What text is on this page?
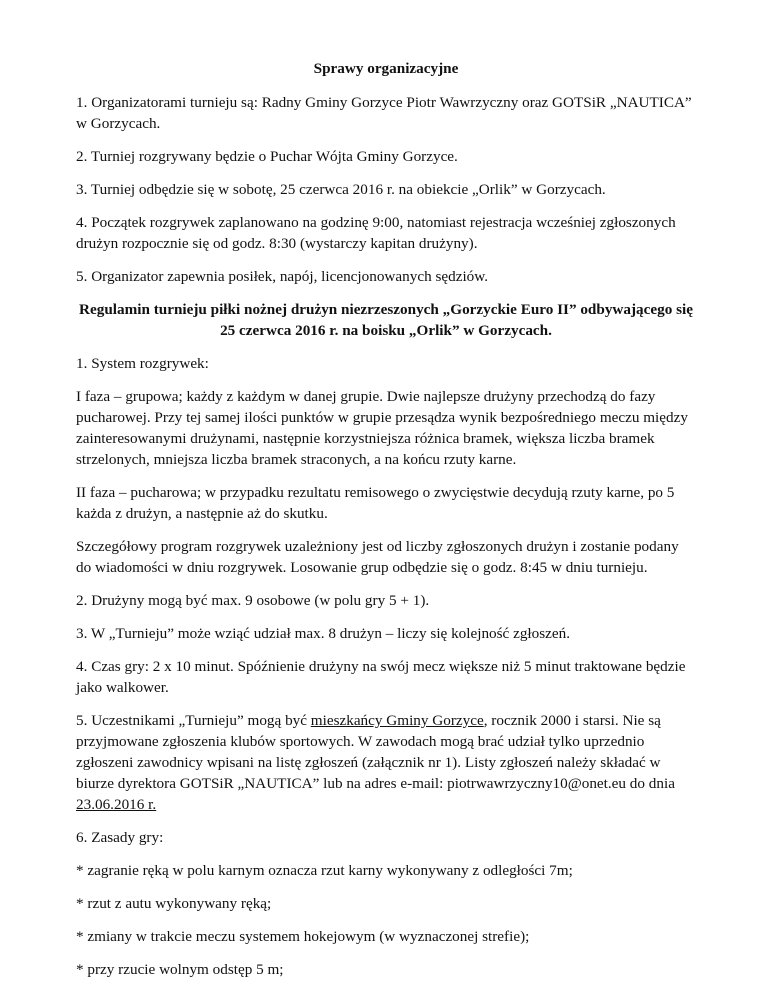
Sprawy organizacyjne

1. Organizatorami turnieju są: Radny Gminy Gorzyce Piotr Wawrzyczny oraz GOTSiR „NAUTICA” w Gorzycach.

2. Turniej rozgrywany będzie o Puchar Wójta Gminy Gorzyce.

3. Turniej odbędzie się w sobotę, 25 czerwca 2016 r. na obiekcie „Orlik” w Gorzycach.

4. Początek rozgrywek zaplanowano na godzinę 9:00, natomiast rejestracja wcześniej zgłoszonych drużyn rozpocznie się od godz. 8:30 (wystarczy kapitan drużyny).

5. Organizator zapewnia posiłek, napój, licencjonowanych sędziów.

Regulamin turnieju piłki nożnej drużyn niezrzeszonych „Gorzyckie Euro II” odbywającego się 25 czerwca 2016 r. na boisku „Orlik” w Gorzycach.

1. System rozgrywek:

I faza – grupowa; każdy z każdym w danej grupie. Dwie najlepsze drużyny przechodzą do fazy pucharowej. Przy tej samej ilości punktów w grupie przesądza wynik bezpośredniego meczu między zainteresowanymi drużynami, następnie korzystniejsza różnica bramek, większa liczba bramek strzelonych, mniejsza liczba bramek straconych, a na końcu rzuty karne.

II faza – pucharowa; w przypadku rezultatu remisowego o zwycięstwie decydują rzuty karne, po 5 każda z drużyn, a następnie aż do skutku.

Szczegółowy program rozgrywek uzależniony jest od liczby zgłoszonych drużyn i zostanie podany do wiadomości w dniu rozgrywek. Losowanie grup odbędzie się o godz. 8:45 w dniu turnieju.

2. Drużyny mogą być max. 9 osobowe (w polu gry 5 + 1).

3. W „Turnieju” może wziąć udział max. 8 drużyn – liczy się kolejność zgłoszeń.

4. Czas gry: 2 x 10 minut. Spóźnienie drużyny na swój mecz większe niż 5 minut traktowane będzie jako walkower.

5. Uczestnikami „Turnieju” mogą być mieszkańcy Gminy Gorzyce, rocznik 2000 i starsi. Nie są przyjmowane zgłoszenia klubów sportowych. W zawodach mogą brać udział tylko uprzednio zgłoszeni zawodnicy wpisani na listę zgłoszeń (załącznik nr 1). Listy zgłoszeń należy składać w biurze dyrektora GOTSiR „NAUTICA” lub na adres e-mail: piotrwawrzyczny10@onet.eu do dnia 23.06.2016 r.

6. Zasady gry:

* zagranie ręką w polu karnym oznacza rzut karny wykonywany z odległości 7m;

* rzut z autu wykonywany ręką;

* zmiany w trakcie meczu systemem hokejowym (w wyznaczonej strefie);

* przy rzucie wolnym odstęp 5 m;
